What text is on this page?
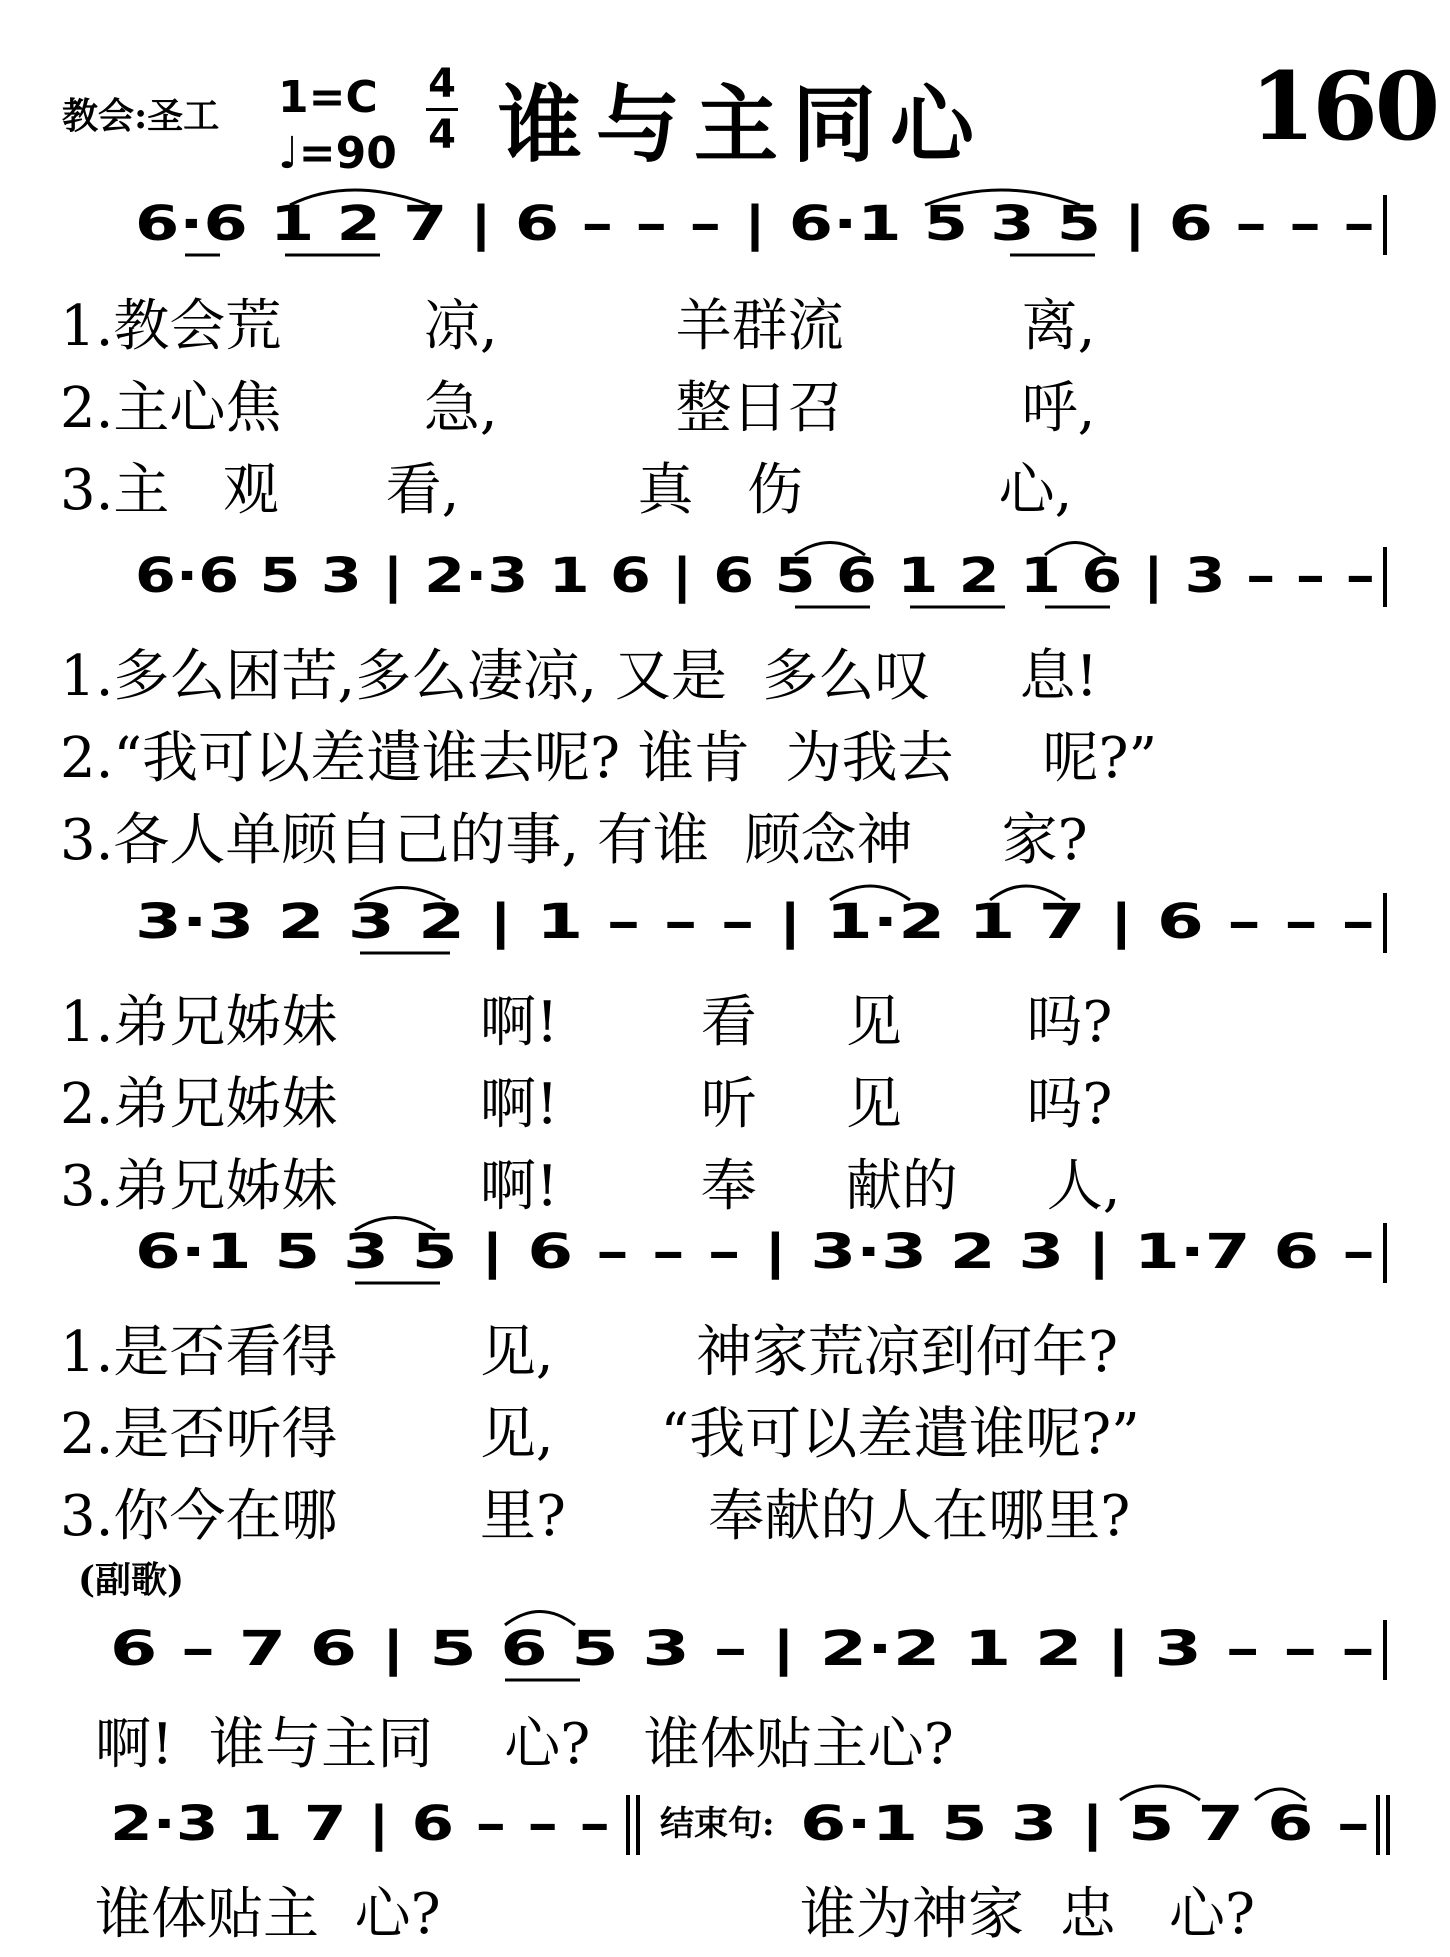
教会:圣工 1=C
♩=90
4
4 谁与主同心	160
6·6 1 2 7 | 6 – – – | 6·1 5 3 5 | 6 – – –
6·6 5 3 | 2·3 1 6 | 6 5 6 1 2 1 6 | 3 – – –
3·3 2 3 2 | 1 – – – | 1·2 1 7 | 6 – – –
6·1 5 3 5 | 6 – – – | 3·3 2 3 | 1·7 6 –
6 – 7 6 | 5 6 5 3 – | 2·2 1 2 | 3 – – –
2·3 1 7 | 6 – – – 结束句: 6·1 5 3 | 5 7 6 –
1.教会荒        凉,          羊群流          离,
2.主心焦        急,          整日召          呼,
3.主   观      看,          真   伤           心,
1.多么困苦,多么凄凉, 又是  多么叹     息!
2.“我可以差遣谁去呢? 谁肯  为我去     呢?”
3.各人单顾自己的事, 有谁  顾念神     家?
1.弟兄姊妹        啊!        看     见       吗?
2.弟兄姊妹        啊!        听     见       吗?
3.弟兄姊妹        啊!        奉     献的     人,
1.是否看得        见,        神家荒凉到何年?
2.是否听得        见,      “我可以差遣谁呢?”
3.你今在哪        里?        奉献的人在哪里?
啊!  谁与主同    心?   谁体贴主心?
谁体贴主  心?	谁为神家  忠   心?
(副歌)
